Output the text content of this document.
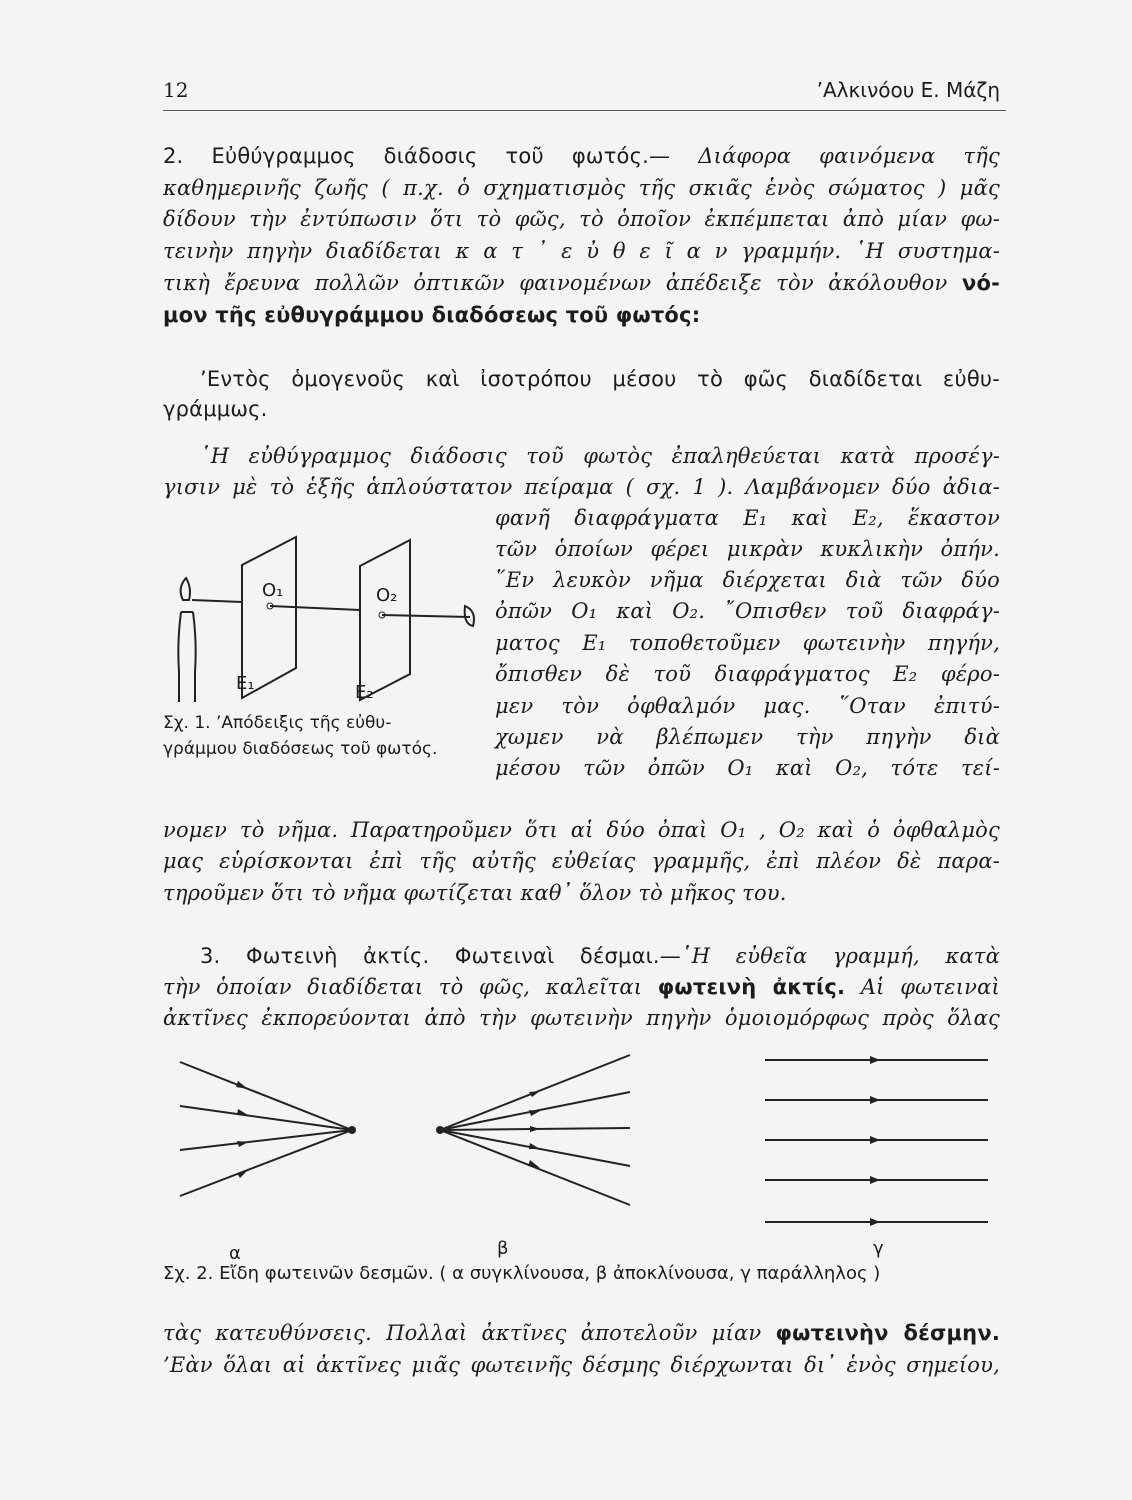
12	’Αλκινόου Ε. Μάζη
2. Εὐθύγραμμος διάδοσις τοῦ φωτός.— Διάφορα φαινόμενα τῆς
καθημερινῆς ζωῆς ( π.χ. ὁ σχηματισμὸς τῆς σκιᾶς ἑνὸς σώματος ) μᾶς
δίδουν τὴν ἐντύπωσιν ὅτι τὸ φῶς, τὸ ὁποῖον ἐκπέμπεται ἀπὸ μίαν φω-
τεινὴν πηγὴν διαδίδεται κ α τ ᾽ ε ὐ θ ε ῖ α ν γραμμήν. ῾Η συστημα-
τικὴ ἔρευνα πολλῶν ὀπτικῶν φαινομένων ἀπέδειξε τὸν ἀκόλουθον νό-
μον τῆς εὐθυγράμμου διαδόσεως τοῦ φωτός:
’Εντὸς ὁμογενοῦς καὶ ἰσοτρόπου μέσου τὸ φῶς διαδίδεται εὐθυ-
γράμμως.
῾Η εὐθύγραμμος διάδοσις τοῦ φωτὸς ἐπαληθεύεται κατὰ προσέγ-
γισιν μὲ τὸ ἑξῆς ἁπλούστατον πείραμα ( σχ. 1 ). Λαμβάνομεν δύο ἀδια-
φανῆ διαφράγματα E₁ καὶ E₂, ἕκαστον
τῶν ὁποίων φέρει μικρὰν κυκλικὴν ὀπήν.
῞Εν λευκὸν νῆμα διέρχεται διὰ τῶν δύο
ὀπῶν O₁ καὶ O₂. ῎Οπισθεν τοῦ διαφράγ-
ματος E₁ τοποθετοῦμεν φωτεινὴν πηγήν,
ὄπισθεν δὲ τοῦ διαφράγματος E₂ φέρο-
μεν τὸν ὀφθαλμόν μας. ῞Οταν ἐπιτύ-
χωμεν νὰ βλέπωμεν τὴν πηγὴν διὰ
μέσου τῶν ὀπῶν O₁ καὶ O₂, τότε τεί-
νομεν τὸ νῆμα. Παρατηροῦμεν ὅτι αἱ δύο ὀπαὶ O₁ , O₂ καὶ ὁ ὀφθαλμὸς
μας εὑρίσκονται ἐπὶ τῆς αὐτῆς εὐθείας γραμμῆς, ἐπὶ πλέον δὲ παρα-
τηροῦμεν ὅτι τὸ νῆμα φωτίζεται καθ᾽ ὅλον τὸ μῆκος του.
O₁	O₂
E₁	E₂
Σχ. 1. ’Απόδειξις τῆς εὐθυ-
γράμμου διαδόσεως τοῦ φωτός.
3. Φωτεινὴ ἀκτίς. Φωτειναὶ δέσμαι.—῾Η εὐθεῖα γραμμή, κατὰ
τὴν ὁποίαν διαδίδεται τὸ φῶς, καλεῖται φωτεινὴ ἀκτίς. Αἱ φωτειναὶ
ἀκτῖνες ἐκπορεύονται ἀπὸ τὴν φωτεινὴν πηγὴν ὁμοιομόρφως πρὸς ὅλας
α	β	γ
Σχ. 2. Εἴδη φωτεινῶν δεσμῶν. ( α συγκλίνουσα, β ἀποκλίνουσα, γ παράλληλος )
τὰς κατευθύνσεις. Πολλαὶ ἀκτῖνες ἀποτελοῦν μίαν φωτεινὴν δέσμην.
’Εὰν ὅλαι αἱ ἀκτῖνες μιᾶς φωτεινῆς δέσμης διέρχωνται δι᾽ ἑνὸς σημείου,
